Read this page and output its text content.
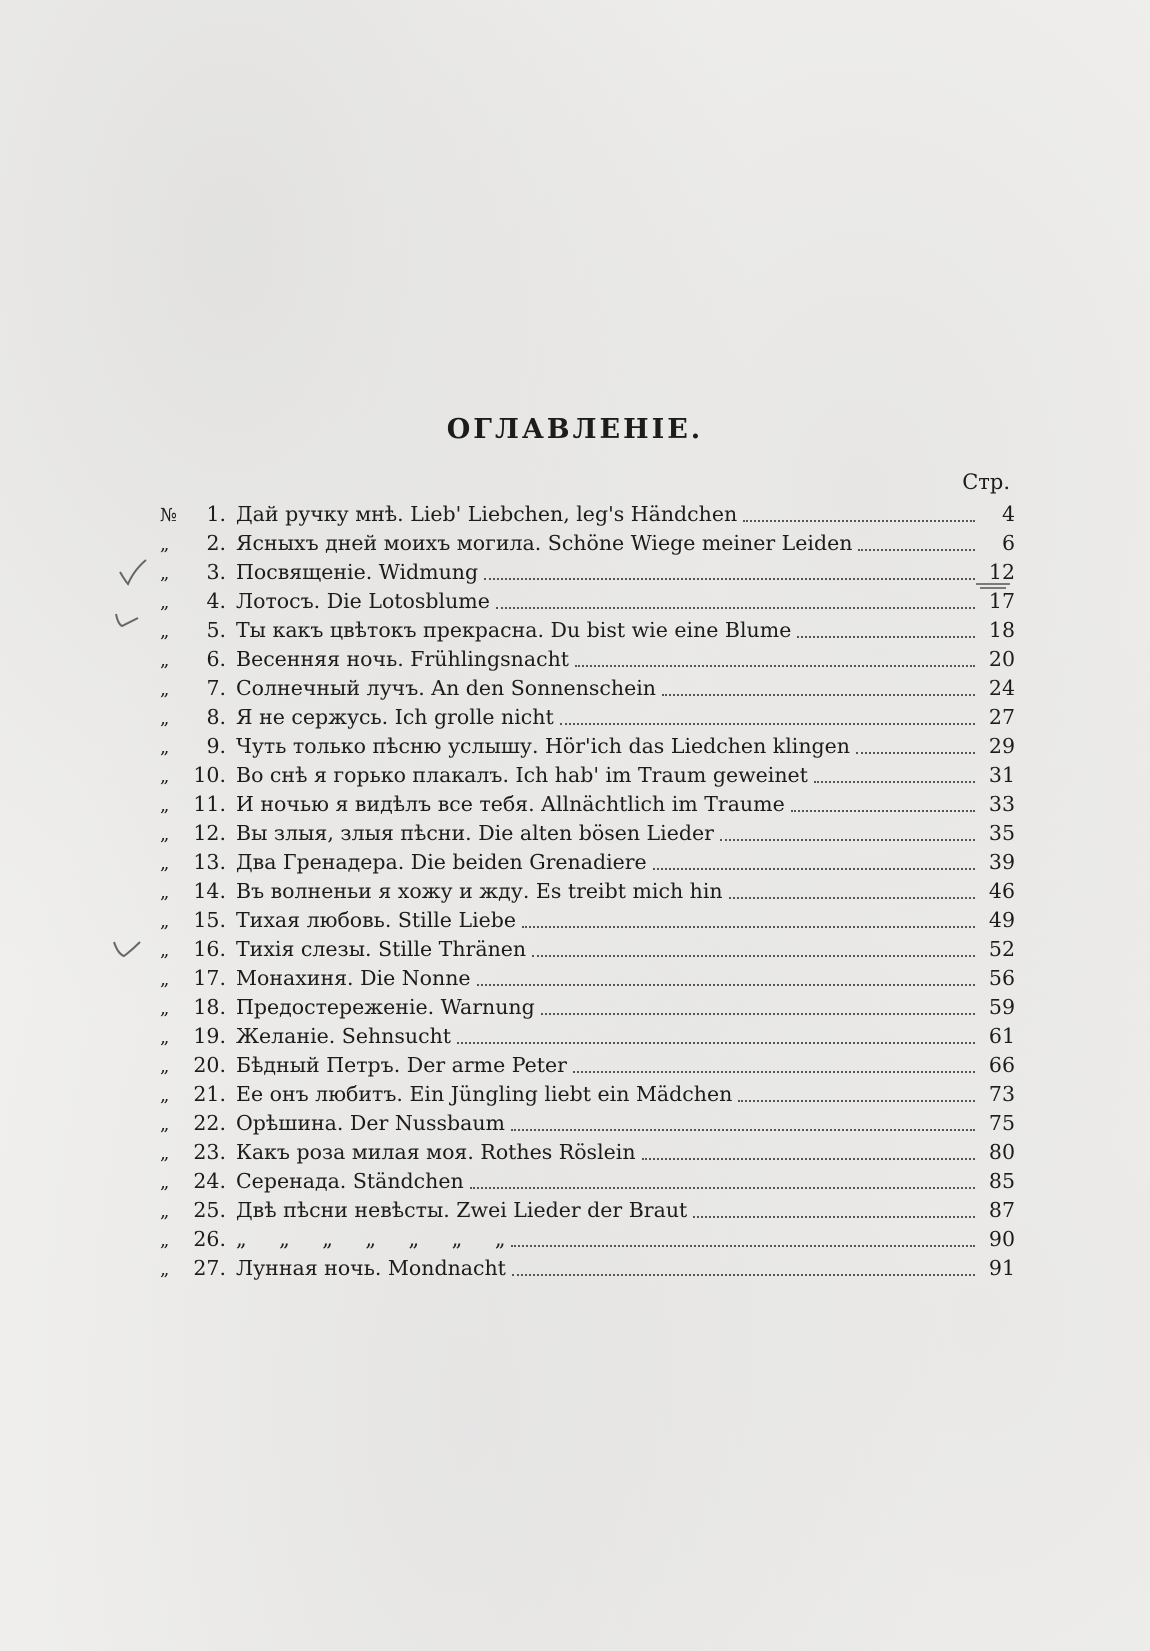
ОГЛАВЛЕНІЕ.
Стр.
№	1. Дай ручку мнѣ. Lieb' Liebchen, leg's Händchen	4
„	2. Ясныхъ дней моихъ могила. Schöne Wiege meiner Leiden	6
„	3. Посвященіе. Widmung	12
„	4. Лотосъ. Die Lotosblume	17
„	5. Ты какъ цвѣтокъ прекрасна. Du bist wie eine Blume	18
„	6. Весенняя ночь. Frühlingsnacht	20
„	7. Солнечный лучъ. An den Sonnenschein	24
„	8. Я не сержусь. Ich grolle nicht	27
„	9. Чуть только пѣсню услышу. Hör'ich das Liedchen klingen	29
„	10. Во снѣ я горько плакалъ. Ich hab' im Traum geweinet	31
„	11. И ночью я видѣлъ все тебя. Allnächtlich im Traume	33
„	12. Вы злыя, злыя пѣсни. Die alten bösen Lieder	35
„	13. Два Гренадера. Die beiden Grenadiere	39
„	14. Въ волненьи я хожу и жду. Es treibt mich hin	46
„	15. Тихая любовь. Stille Liebe	49
„	16. Тихія слезы. Stille Thränen	52
„	17. Монахиня. Die Nonne	56
„	18. Предостереженіе. Warnung	59
„	19. Желаніе. Sehnsucht	61
„	20. Бѣдный Петръ. Der arme Peter	66
„	21. Ее онъ любитъ. Ein Jüngling liebt ein Mädchen	73
„	22. Орѣшина. Der Nussbaum	75
„	23. Какъ роза милая моя. Rothes Röslein	80
„	24. Серенада. Ständchen	85
„	25. Двѣ пѣсни невѣсты. Zwei Lieder der Braut	87
„	26. „ „ „ „ „ „ „	90
„	27. Лунная ночь. Mondnacht	91
